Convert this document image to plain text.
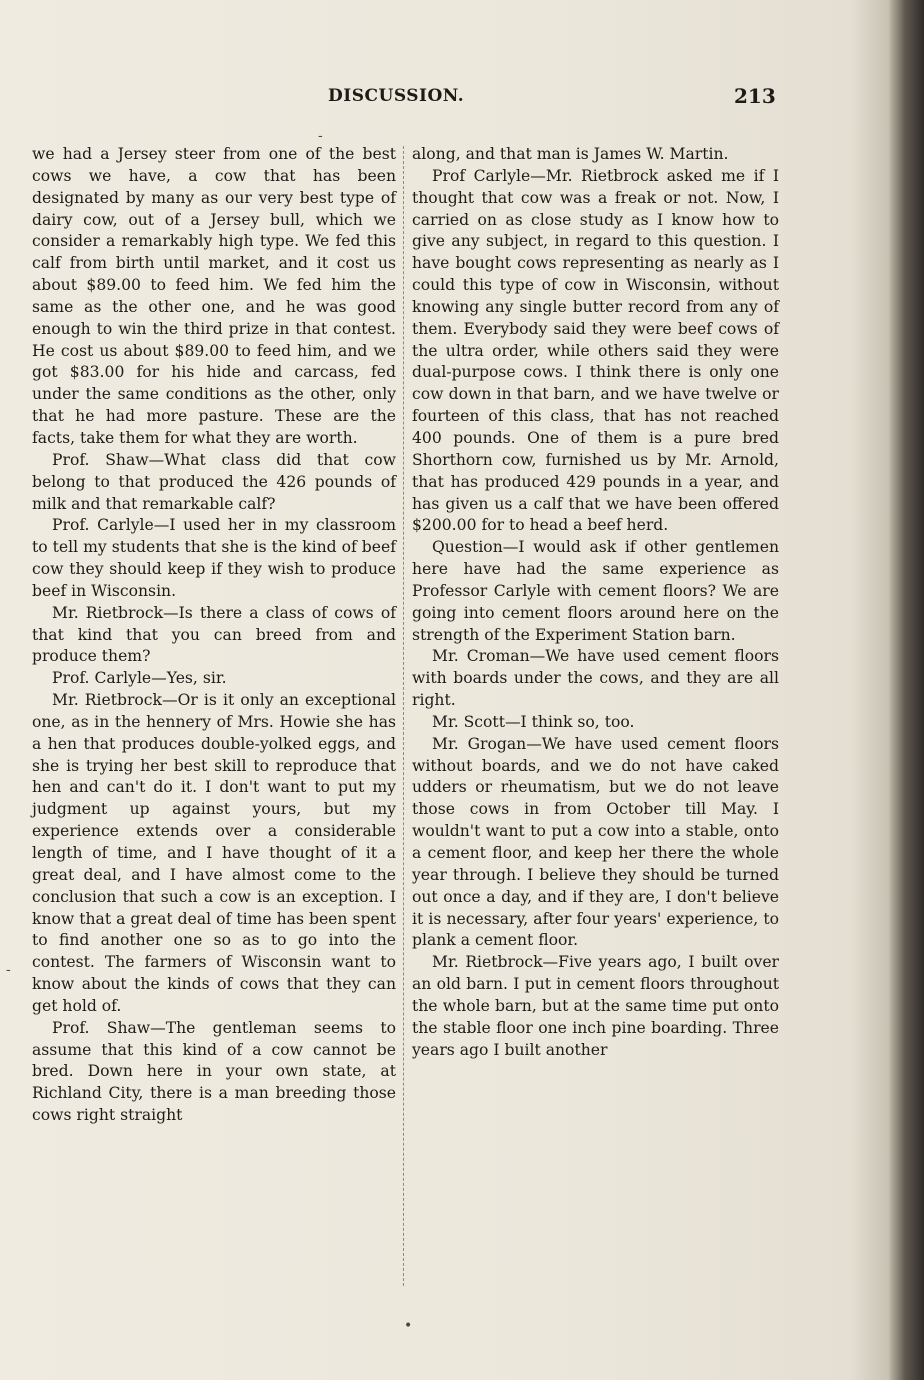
DISCUSSION.	213

we had a Jersey steer from one of the best cows we have, a cow that has been designated by many as our very best type of dairy cow, out of a Jersey bull, which we consider a remarkably high type. We fed this calf from birth until market, and it cost us about $89.00 to feed him. We fed him the same as the other one, and he was good enough to win the third prize in that contest. He cost us about $89.00 to feed him, and we got $83.00 for his hide and carcass, fed under the same conditions as the other, only that he had more pasture. These are the facts, take them for what they are worth.

Prof. Shaw—What class did that cow belong to that produced the 426 pounds of milk and that remarkable calf?

Prof. Carlyle—I used her in my classroom to tell my students that she is the kind of beef cow they should keep if they wish to produce beef in Wisconsin.

Mr. Rietbrock—Is there a class of cows of that kind that you can breed from and produce them?

Prof. Carlyle—Yes, sir.

Mr. Rietbrock—Or is it only an exceptional one, as in the hennery of Mrs. Howie she has a hen that produces double-yolked eggs, and she is trying her best skill to reproduce that hen and can't do it. I don't want to put my judgment up against yours, but my experience extends over a considerable length of time, and I have thought of it a great deal, and I have almost come to the conclusion that such a cow is an exception. I know that a great deal of time has been spent to find another one so as to go into the contest. The farmers of Wisconsin want to know about the kinds of cows that they can get hold of.

Prof. Shaw—The gentleman seems to assume that this kind of a cow cannot be bred. Down here in your own state, at Richland City, there is a man breeding those cows right straight

along, and that man is James W. Martin.

Prof Carlyle—Mr. Rietbrock asked me if I thought that cow was a freak or not. Now, I carried on as close study as I know how to give any subject, in regard to this question. I have bought cows representing as nearly as I could this type of cow in Wisconsin, without knowing any single butter record from any of them. Everybody said they were beef cows of the ultra order, while others said they were dual-purpose cows. I think there is only one cow down in that barn, and we have twelve or fourteen of this class, that has not reached 400 pounds. One of them is a pure bred Shorthorn cow, furnished us by Mr. Arnold, that has produced 429 pounds in a year, and has given us a calf that we have been offered $200.00 for to head a beef herd.

Question—I would ask if other gentlemen here have had the same experience as Professor Carlyle with cement floors? We are going into cement floors around here on the strength of the Experiment Station barn.

Mr. Croman—We have used cement floors with boards under the cows, and they are all right.

Mr. Scott—I think so, too.

Mr. Grogan—We have used cement floors without boards, and we do not have caked udders or rheumatism, but we do not leave those cows in from October till May. I wouldn't want to put a cow into a stable, onto a cement floor, and keep her there the whole year through. I believe they should be turned out once a day, and if they are, I don't believe it is necessary, after four years' experience, to plank a cement floor.

Mr. Rietbrock—Five years ago, I built over an old barn. I put in cement floors throughout the whole barn, but at the same time put onto the stable floor one inch pine boarding. Three years ago I built another

-
•
-
